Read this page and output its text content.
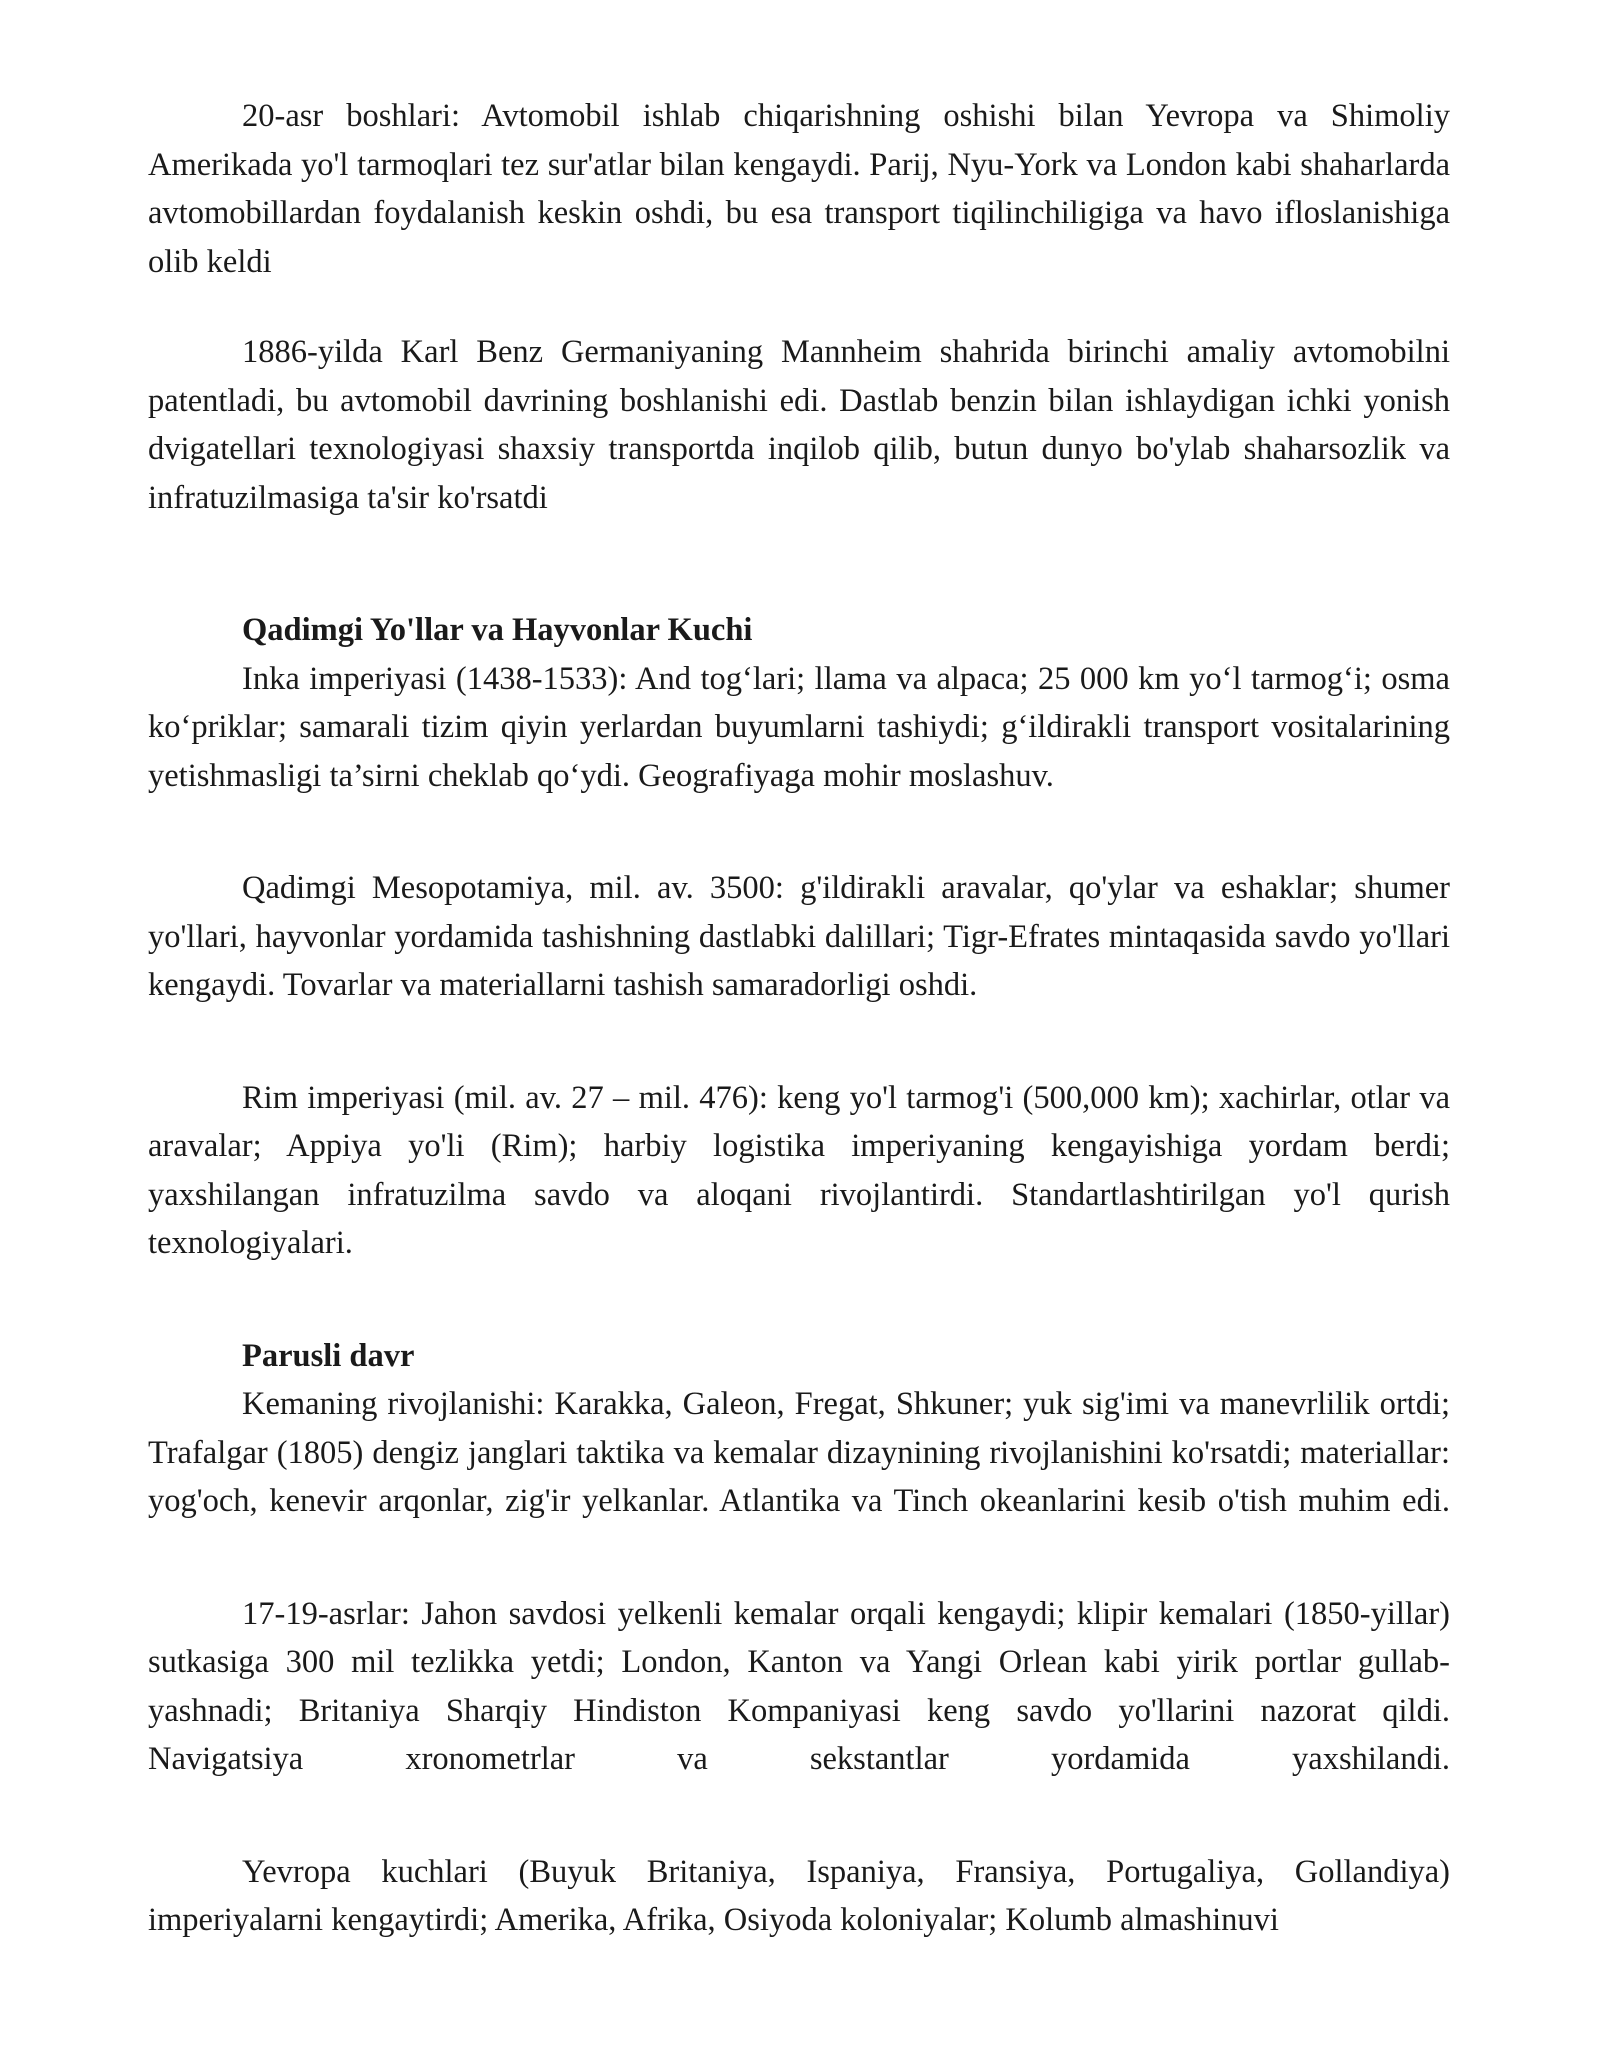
20-asr boshlari: Avtomobil ishlab chiqarishning oshishi bilan Yevropa va Shimoliy Amerikada yo'l tarmoqlari tez sur'atlar bilan kengaydi. Parij, Nyu-York va London kabi shaharlarda avtomobillardan foydalanish keskin oshdi, bu esa transport tiqilinchiligiga va havo ifloslanishiga olib keldi

1886-yilda Karl Benz Germaniyaning Mannheim shahrida birinchi amaliy avtomobilni patentladi, bu avtomobil davrining boshlanishi edi. Dastlab benzin bilan ishlaydigan ichki yonish dvigatellari texnologiyasi shaxsiy transportda inqilob qilib, butun dunyo bo'ylab shaharsozlik va infratuzilmasiga ta'sir ko'rsatdi

Qadimgi Yo'llar va Hayvonlar Kuchi

Inka imperiyasi (1438-1533): And tog‘lari; llama va alpaca; 25 000 km yo‘l tarmog‘i; osma ko‘priklar; samarali tizim qiyin yerlardan buyumlarni tashiydi; g‘ildirakli transport vositalarining yetishmasligi ta’sirni cheklab qo‘ydi. Geografiyaga mohir moslashuv.

Qadimgi Mesopotamiya, mil. av. 3500: g'ildirakli aravalar, qo'ylar va eshaklar; shumer yo'llari, hayvonlar yordamida tashishning dastlabki dalillari; Tigr-Efrates mintaqasida savdo yo'llari kengaydi. Tovarlar va materiallarni tashish samaradorligi oshdi.

Rim imperiyasi (mil. av. 27 – mil. 476): keng yo'l tarmog'i (500,000 km); xachirlar, otlar va aravalar; Appiya yo'li (Rim); harbiy logistika imperiyaning kengayishiga yordam berdi; yaxshilangan infratuzilma savdo va aloqani rivojlantirdi. Standartlashtirilgan yo'l qurish texnologiyalari.

Parusli davr

Kemaning rivojlanishi: Karakka, Galeon, Fregat, Shkuner; yuk sig'imi va manevrlilik ortdi; Trafalgar (1805) dengiz janglari taktika va kemalar dizaynining rivojlanishini ko'rsatdi; materiallar: yog'och, kenevir arqonlar, zig'ir yelkanlar. Atlantika va Tinch okeanlarini kesib o'tish muhim edi.

17-19-asrlar: Jahon savdosi yelkenli kemalar orqali kengaydi; klipir kemalari (1850-yillar) sutkasiga 300 mil tezlikka yetdi; London, Kanton va Yangi Orlean kabi yirik portlar gullab-yashnadi; Britaniya Sharqiy Hindiston Kompaniyasi keng savdo yo'llarini nazorat qildi. Navigatsiya xronometrlar va sekstantlar yordamida yaxshilandi.

Yevropa kuchlari (Buyuk Britaniya, Ispaniya, Fransiya, Portugaliya, Gollandiya) imperiyalarni kengaytirdi; Amerika, Afrika, Osiyoda koloniyalar; Kolumb almashinuvi
